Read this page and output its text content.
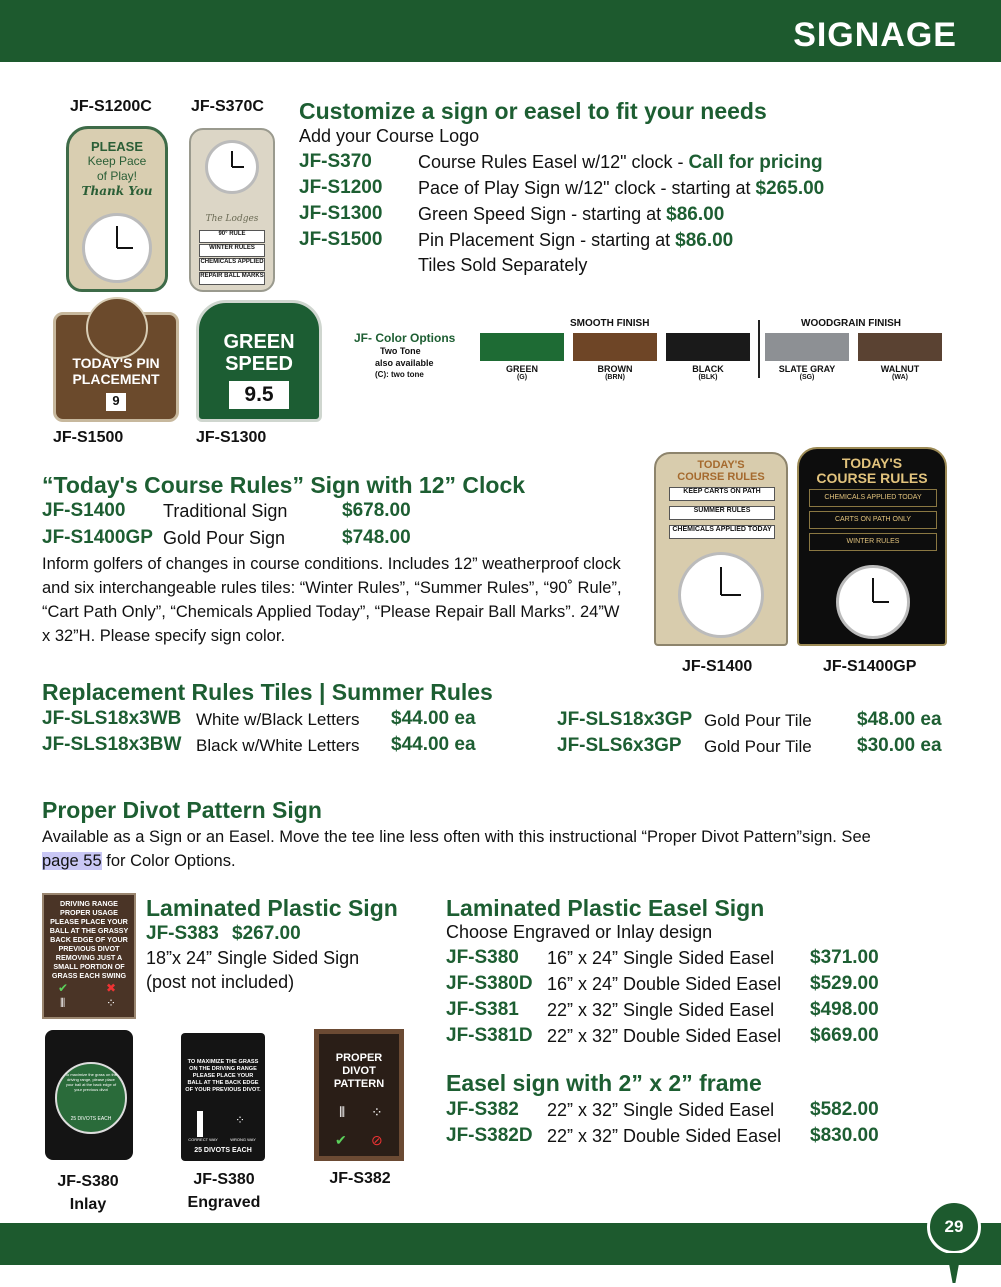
SIGNAGE
JF-S1200C JF-S370C
PLEASE
Keep Pace
of Play!
Thank You
The Lodges
90° RULE
WINTER RULES
CHEMICALS APPLIED
REPAIR BALL MARKS
TODAY'S PIN
PLACEMENT
9
GREEN
SPEED
9.5
JF-S1500	JF-S1300
Customize a sign or easel to fit your needs
Add your Course Logo
JF-S370	Course Rules Easel w/12" clock - Call for pricing
JF-S1200 Pace of Play Sign w/12" clock - starting at $265.00
JF-S1300 Green Speed Sign - starting at $86.00
JF-S1500 Pin Placement Sign - starting at $86.00
Tiles Sold Separately
JF- Color Options
Two Tone
also available
(C): two tone
SMOOTH FINISH	WOODGRAIN FINISH
GREEN
(G)
BROWN
(BRN)
BLACK
(BLK)
SLATE GRAY
(SG)
WALNUT
(WA)
“Today's Course Rules” Sign with 12” Clock
JF-S1400 Traditional Sign	$678.00
JF-S1400GP Gold Pour Sign	$748.00
Inform golfers of changes in course conditions. Includes 12” weatherproof clock and six interchangeable rules tiles: “Winter Rules”, “Summer Rules”, “90˚ Rule”, “Cart Path Only”, “Chemicals Applied Today”, “Please Repair Ball Marks”. 24”W x 32”H. Please specify sign color.
TODAY'S
COURSE RULES
KEEP CARTS ON PATH
SUMMER RULES
CHEMICALS APPLIED TODAY
TODAY'S
COURSE RULES
CHEMICALS APPLIED TODAY
CARTS ON PATH ONLY
WINTER RULES
JF-S1400	JF-S1400GP
Replacement Rules Tiles | Summer Rules
JF-SLS18x3WB White w/Black Letters $44.00 ea
JF-SLS18x3BW Black w/White Letters $44.00 ea
JF-SLS18x3GP Gold Pour Tile $48.00 ea
JF-SLS6x3GP Gold Pour Tile $30.00 ea
Proper Divot Pattern Sign
Available as a Sign or an Easel. Move the tee line less often with this instructional “Proper Divot Pattern”sign. See
page 55 for Color Options.
DRIVING RANGE PROPER USAGE PLEASE PLACE YOUR BALL AT THE GRASSY BACK EDGE OF YOUR PREVIOUS DIVOT REMOVING JUST A SMALL PORTION OF GRASS EACH SWING
✔	✖
⦀	⁘
Laminated Plastic Sign
JF-S383 $267.00
18”x 24” Single Sided Sign
(post not included)
Laminated Plastic Easel Sign
Choose Engraved or Inlay design
JF-S380 16” x 24” Single Sided Easel $371.00
JF-S380D 16” x 24” Double Sided Easel $529.00
JF-S381 22” x 32” Single Sided Easel $498.00
JF-S381D 22” x 32” Double Sided Easel $669.00
Easel sign with 2” x 2” frame
JF-S382 22” x 32” Single Sided Easel $582.00
JF-S382D 22” x 32” Double Sided Easel $830.00
To maximize the grass on the driving range, please place your ball at the back edge of your previous divot
25 DIVOTS EACH
TO MAXIMIZE THE GRASS ON THE DRIVING RANGE PLEASE PLACE YOUR BALL AT THE BACK EDGE OF YOUR PREVIOUS DIVOT.
⁘
CORRECT WAY	WRONG WAY
25 DIVOTS EACH
PROPER
DIVOT
PATTERN
⦀ ⁘
✔ ⊘
JF-S380
Inlay
JF-S380
Engraved
JF-S382
29
